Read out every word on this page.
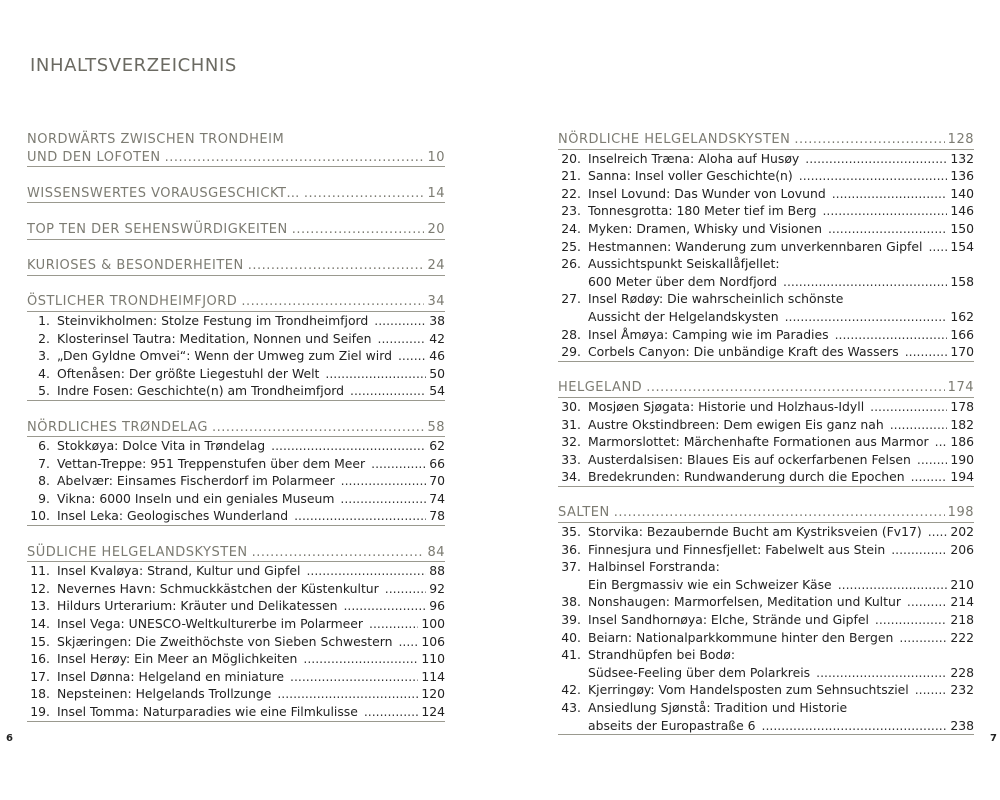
INHALTSVERZEICHNIS
NORDWÄRTS ZWISCHEN TRONDHEIM
UND DEN LOFOTEN .....	10
WISSENSWERTES VORAUSGESCHICKT… .....	14
TOP TEN DER SEHENSWÜRDIGKEITEN .....	20
KURIOSES & BESONDERHEITEN .....	24
ÖSTLICHER TRONDHEIMFJORD .....	34
1. Steinvikholmen: Stolze Festung im Trondheimfjord .....	38
2. Klosterinsel Tautra: Meditation, Nonnen und Seifen .....	42
3. „Den Gyldne Omvei“: Wenn der Umweg zum Ziel wird .....	46
4. Oftenåsen: Der größte Liegestuhl der Welt .....	50
5. Indre Fosen: Geschichte(n) am Trondheimfjord .....	54
NÖRDLICHES TRØNDELAG .....	58
6. Stokkøya: Dolce Vita in Trøndelag .....	62
7. Vettan-Treppe: 951 Treppenstufen über dem Meer .....	66
8. Abelvær: Einsames Fischerdorf im Polarmeer .....	70
9. Vikna: 6000 Inseln und ein geniales Museum .....	74
10. Insel Leka: Geologisches Wunderland .....	78
SÜDLICHE HELGELANDSKYSTEN .....	84
11. Insel Kvaløya: Strand, Kultur und Gipfel .....	88
12. Nevernes Havn: Schmuckkästchen der Küstenkultur .....	92
13. Hildurs Urterarium: Kräuter und Delikatessen .....	96
14. Insel Vega: UNESCO-Weltkulturerbe im Polarmeer .....	100
15. Skjæringen: Die Zweithöchste von Sieben Schwestern ..... 106
16. Insel Herøy: Ein Meer an Möglichkeiten .....	110
17. Insel Dønna: Helgeland en miniature .....	114
18. Nepsteinen: Helgelands Trollzunge .....	120
19. Insel Tomma: Naturparadies wie eine Filmkulisse .....	124
NÖRDLICHE HELGELANDSKYSTEN .....	128
20. Inselreich Træna: Aloha auf Husøy .....	132
21. Sanna: Insel voller Geschichte(n) .....	136
22. Insel Lovund: Das Wunder von Lovund .....	140
23. Tonnesgrotta: 180 Meter tief im Berg .....	146
24. Myken: Dramen, Whisky und Visionen .....	150
25. Hestmannen: Wanderung zum unverkennbaren Gipfel ..... 154
26. Aussichtspunkt Seiskallåfjellet:
600 Meter über dem Nordfjord .....	158
27. Insel Rødøy: Die wahrscheinlich schönste
Aussicht der Helgelandskysten .....	162
28. Insel Åmøya: Camping wie im Paradies .....	166
29. Corbels Canyon: Die unbändige Kraft des Wassers .....	170
HELGELAND .....	174
30. Mosjøen Sjøgata: Historie und Holzhaus-Idyll .....	178
31. Austre Okstindbreen: Dem ewigen Eis ganz nah .....	182
32. Marmorslottet: Märchenhafte Formationen aus Marmor ..... 186
33. Austerdalsisen: Blaues Eis auf ockerfarbenen Felsen .....	190
34. Bredekrunden: Rundwanderung durch die Epochen .....	194
SALTEN .....	198
35. Storvika: Bezaubernde Bucht am Kystriksveien (Fv17) ..... 202
36. Finnesjura und Finnesfjellet: Fabelwelt aus Stein .....	206
37. Halbinsel Forstranda:
Ein Bergmassiv wie ein Schweizer Käse .....	210
38. Nonshaugen: Marmorfelsen, Meditation und Kultur .....	214
39. Insel Sandhornøya: Elche, Strände und Gipfel .....	218
40. Beiarn: Nationalparkkommune hinter den Bergen .....	222
41. Strandhüpfen bei Bodø:
Südsee-Feeling über dem Polarkreis .....	228
42. Kjerringøy: Vom Handelsposten zum Sehnsuchtsziel .....	232
43. Ansiedlung Sjønstå: Tradition und Historie
abseits der Europastraße 6 .....	238
6	7
